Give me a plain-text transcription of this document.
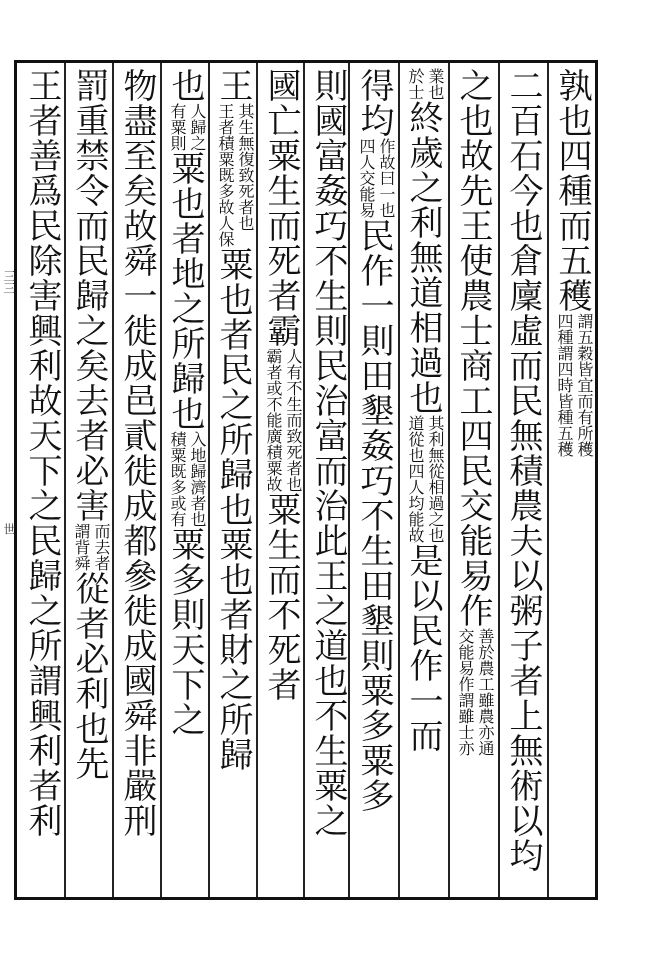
孰也四種而五穫謂五穀皆宜而有所穫
四種謂四時皆種五穫
二百石今也倉廩虛而民無積農夫以粥子者上無術以均
之也故先王使農士商工四民交能易作善於農工雖農亦通
交能易作謂雖士亦
業也
於士終歲之利無道相過也其利無從相過之也
道從也四人均能故是以民作一而
得均作故曰一也
四人交能易民作一則田墾姦巧不生田墾則粟多粟多
則國富姦巧不生則民治富而治此王之道也不生粟之
國亡粟生而死者霸人有不生而致死者也
霸者或不能廣積粟故粟生而不死者
王其生無復致死者也
王者積粟既多故人保粟也者民之所歸也粟也者財之所歸
也人歸之
有粟則粟也者地之所歸也入地歸濟者也
積粟既多或有粟多則天下之
物盡至矣故舜一徙成邑貳徙成都參徙成國舜非嚴刑
罰重禁令而民歸之矣去者必害而去者
謂背舜從者必利也先
王者善爲民除害興利故天下之民歸之所謂興利者利
三三
世
